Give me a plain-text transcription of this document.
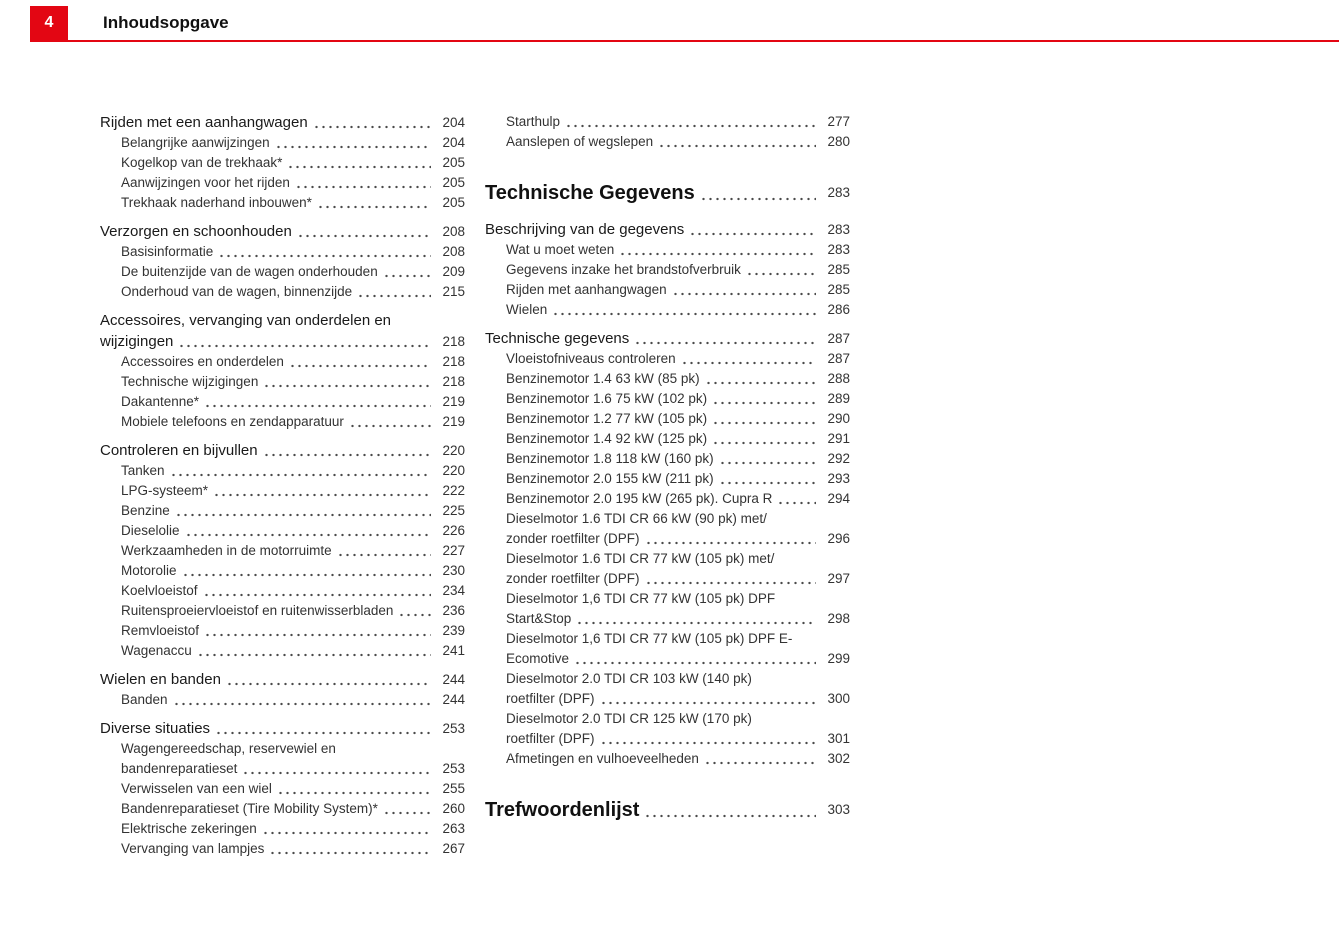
4	Inhoudsopgave
Rijden met een aanhangwagen	204
Belangrijke aanwijzingen	204
Kogelkop van de trekhaak*	205
Aanwijzingen voor het rijden	205
Trekhaak naderhand inbouwen*	205
Verzorgen en schoonhouden	208
Basisinformatie	208
De buitenzijde van de wagen onderhouden	209
Onderhoud van de wagen, binnenzijde	215
Accessoires, vervanging van onderdelen en
wijzigingen	218
Accessoires en onderdelen	218
Technische wijzigingen	218
Dakantenne*	219
Mobiele telefoons en zendapparatuur	219
Controleren en bijvullen	220
Tanken	220
LPG-systeem*	222
Benzine	225
Dieselolie	226
Werkzaamheden in de motorruimte	227
Motorolie	230
Koelvloeistof	234
Ruitensproeiervloeistof en ruitenwisserbladen	236
Remvloeistof	239
Wagenaccu	241
Wielen en banden	244
Banden	244
Diverse situaties	253
Wagengereedschap, reservewiel en
bandenreparatieset	253
Verwisselen van een wiel	255
Bandenreparatieset (Tire Mobility System)*	260
Elektrische zekeringen	263
Vervanging van lampjes	267
Starthulp	277
Aanslepen of wegslepen	280
Technische Gegevens	283
Beschrijving van de gegevens	283
Wat u moet weten	283
Gegevens inzake het brandstofverbruik	285
Rijden met aanhangwagen	285
Wielen	286
Technische gegevens	287
Vloeistofniveaus controleren	287
Benzinemotor 1.4 63 kW (85 pk)	288
Benzinemotor 1.6 75 kW (102 pk)	289
Benzinemotor 1.2 77 kW (105 pk)	290
Benzinemotor 1.4 92 kW (125 pk)	291
Benzinemotor 1.8 118 kW (160 pk)	292
Benzinemotor 2.0 155 kW (211 pk)	293
Benzinemotor 2.0 195 kW (265 pk). Cupra R	294
Dieselmotor 1.6 TDI CR 66 kW (90 pk) met/
zonder roetfilter (DPF)	296
Dieselmotor 1.6 TDI CR 77 kW (105 pk) met/
zonder roetfilter (DPF)	297
Dieselmotor 1,6 TDI CR 77 kW (105 pk) DPF
Start&Stop	298
Dieselmotor 1,6 TDI CR 77 kW (105 pk) DPF E-
Ecomotive	299
Dieselmotor 2.0 TDI CR 103 kW (140 pk)
roetfilter (DPF)	300
Dieselmotor 2.0 TDI CR 125 kW (170 pk)
roetfilter (DPF)	301
Afmetingen en vulhoeveelheden	302
Trefwoordenlijst	303
